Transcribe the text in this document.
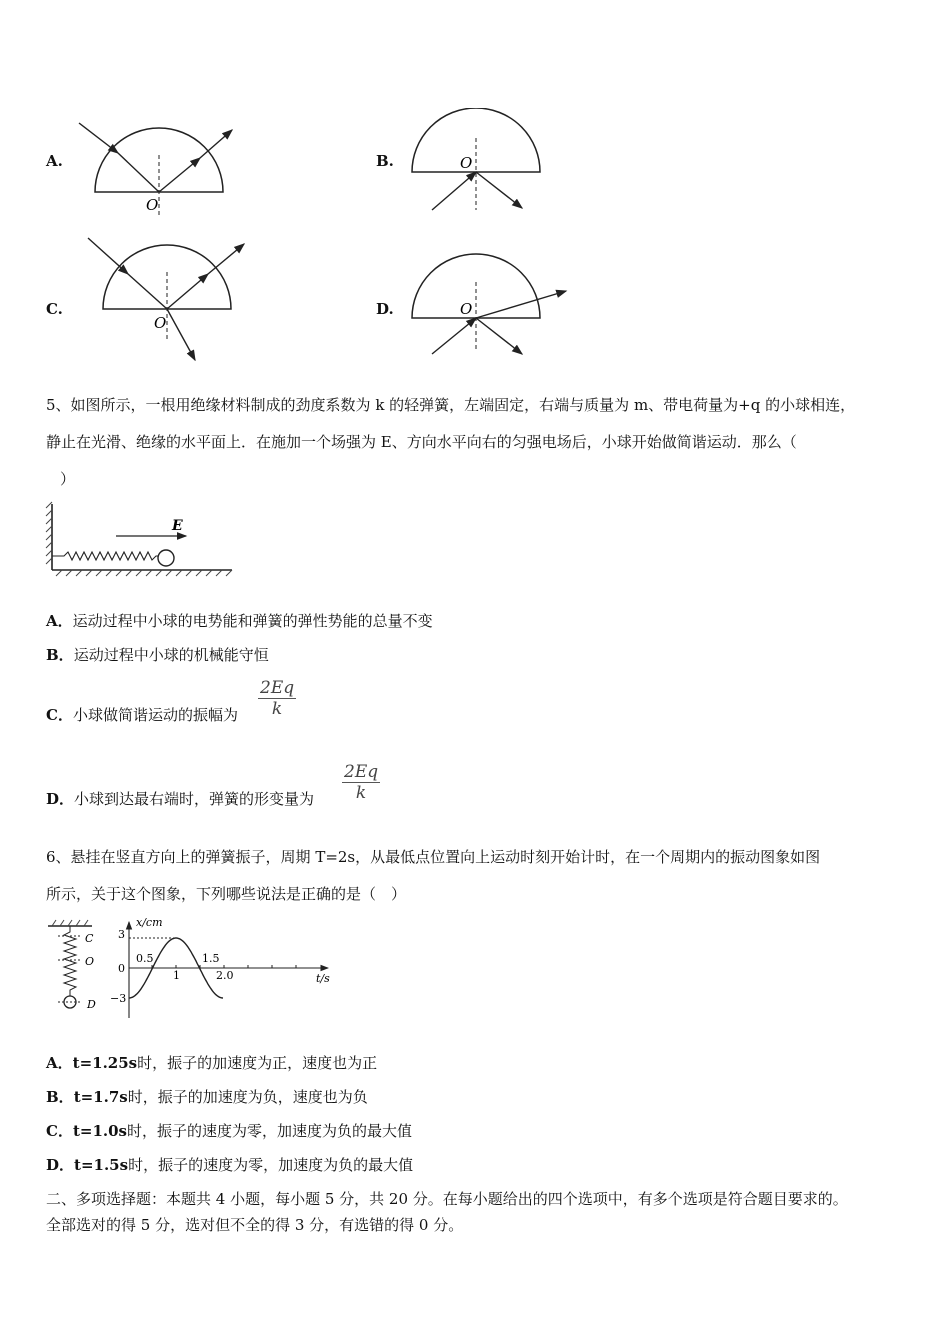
A.
O
B.	O
C.
O
D.	O
5、如图所示，一根用绝缘材料制成的劲度系数为 k 的轻弹簧，左端固定，右端与质量为 m、带电荷量为+q 的小球相连，
静止在光滑、绝缘的水平面上．在施加一个场强为 E、方向水平向右的匀强电场后，小球开始做简谐运动．那么（
）
E
A．运动过程中小球的电势能和弹簧的弹性势能的总量不变
B．运动过程中小球的机械能守恒
C．小球做简谐运动的振幅为 $\frac{2Eq}{k}$
D．小球到达最右端时，弹簧的形变量为 $\frac{2Eq}{k}$
6、悬挂在竖直方向上的弹簧振子，周期 T=2s，从最低点位置向上运动时刻开始计时，在一个周期内的振动图象如图
所示，关于这个图象，下列哪些说法是正确的是（　）
C
O
D
x/cm
t/s
3
0
−3
0.5	1.5
1	2.0
A．t=1.25s时，振子的加速度为正，速度也为正
B．t=1.7s时，振子的加速度为负，速度也为负
C．t=1.0s时，振子的速度为零，加速度为负的最大值
D．t=1.5s时，振子的速度为零，加速度为负的最大值
二、多项选择题：本题共 4 小题，每小题 5 分，共 20 分。在每小题给出的四个选项中，有多个选项是符合题目要求的。
全部选对的得 5 分，选对但不全的得 3 分，有选错的得 0 分。
